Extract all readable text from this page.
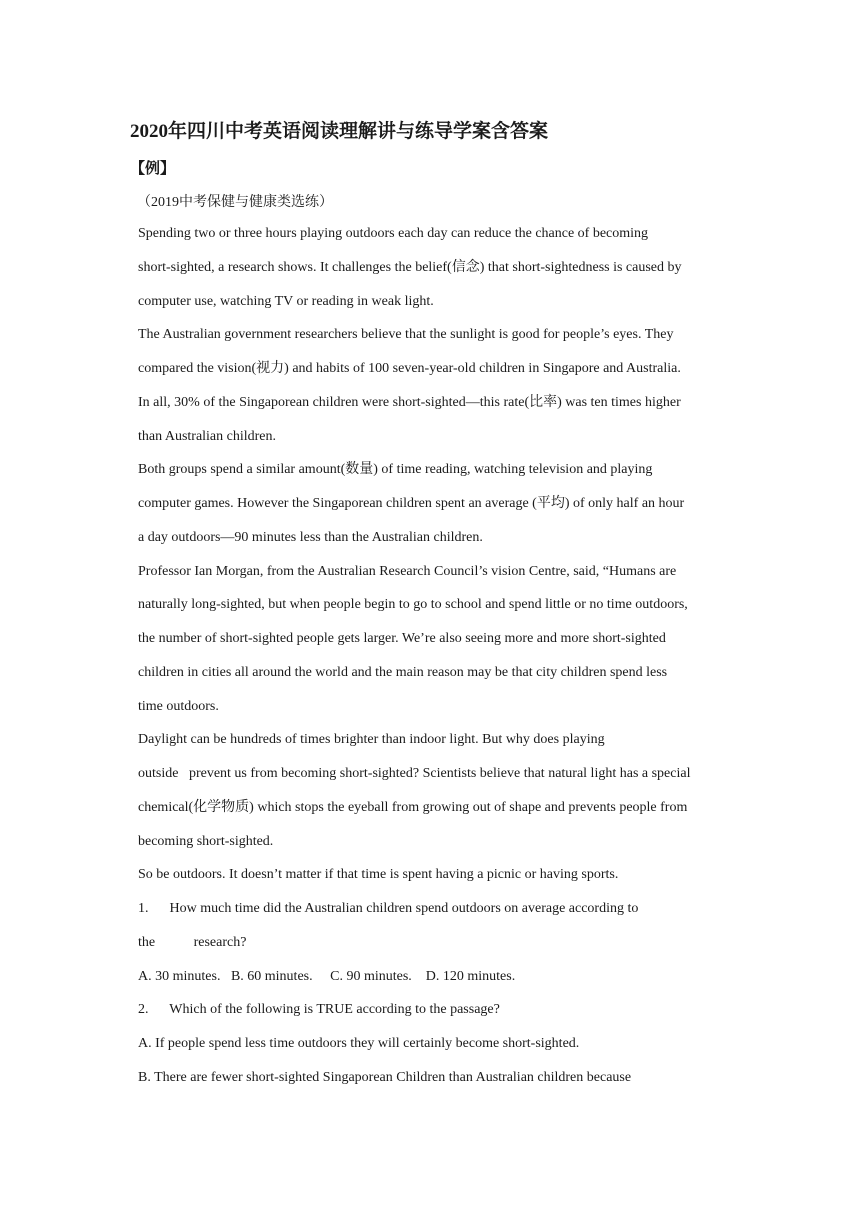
2020年四川中考英语阅读理解讲与练导学案含答案

【例】

（2019中考保健与健康类选练）

Spending two or three hours playing outdoors each day can reduce the chance of becoming

short-sighted, a research shows. It challenges the belief(信念) that short-sightedness is caused by

computer use, watching TV or reading in weak light.

The Australian government researchers believe that the sunlight is good for people’s eyes. They

compared the vision(视力) and habits of 100 seven-year-old children in Singapore and Australia.

In all, 30% of the Singaporean children were short-sighted—this rate(比率) was ten times higher

than Australian children.

Both groups spend a similar amount(数量) of time reading, watching television and playing

computer games. However the Singaporean children spent an average (平均) of only half an hour

a day outdoors—90 minutes less than the Australian children.

Professor Ian Morgan, from the Australian Research Council’s vision Centre, said, “Humans are

naturally long-sighted, but when people begin to go to school and spend little or no time outdoors,

the number of short-sighted people gets larger. We’re also seeing more and more short-sighted

children in cities all around the world and the main reason may be that city children spend less

time outdoors.

Daylight can be hundreds of times brighter than indoor light. But why does playing

outside   prevent us from becoming short-sighted? Scientists believe that natural light has a special

chemical(化学物质) which stops the eyeball from growing out of shape and prevents people from

becoming short-sighted.

So be outdoors. It doesn’t matter if that time is spent having a picnic or having sports.

1.      How much time did the Australian children spend outdoors on average according to

the           research?

A. 30 minutes.   B. 60 minutes.     C. 90 minutes.    D. 120 minutes.

2.      Which of the following is TRUE according to the passage?

A. If people spend less time outdoors they will certainly become short-sighted.

B. There are fewer short-sighted Singaporean Children than Australian children because
